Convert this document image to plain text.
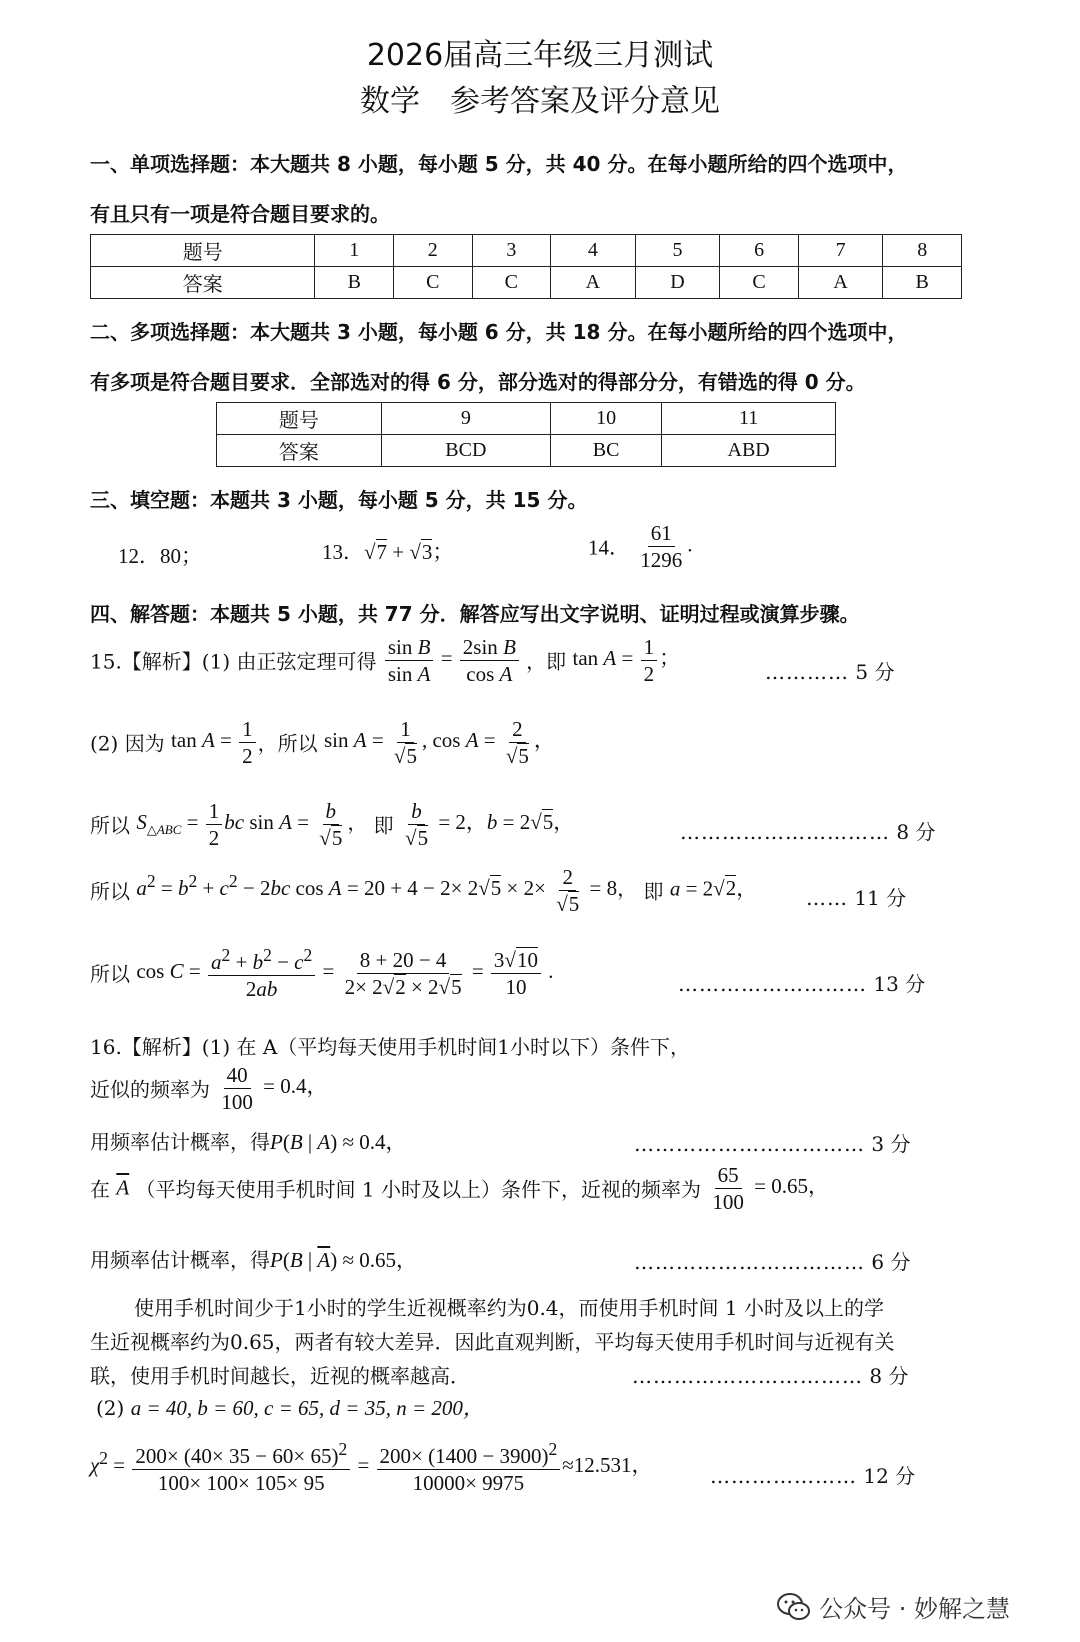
2026届高三年级三月测试
数学　参考答案及评分意见
一、单项选择题：本大题共 8 小题，每小题 5 分，共 40 分。在每小题所给的四个选项中，
有且只有一项是符合题目要求的。
题号	1	2	3	4	5	6	7	8
答案	B	C	C	A	D	C	A	B
二、多项选择题：本大题共 3 小题，每小题 6 分，共 18 分。在每小题所给的四个选项中，
有多项是符合题目要求．全部选对的得 6 分，部分选对的得部分分，有错选的得 0 分。
题号	9	10	11
答案	BCD	BC	ABD
三、填空题：本题共 3 小题，每小题 5 分，共 15 分。
12．80；	13．√7 + √3；	14． $\frac{61}{1296}$ .
四、解答题：本题共 5 小题，共 77 分．解答应写出文字说明、证明过程或演算步骤。
15.【解析】(1) 由正弦定理可得 $\frac{\text{sin B}}{\text{sin A}} = \frac{\text{2sin B}}{\text{cos A}}$ ，即 $\tan A = \frac{1}{2}$ ；
………… 5 分
(2) 因为 $\tan A = \frac{1}{2}$ ，所以 $\sin A = \frac{1}{√5}$ , $\cos A = \frac{2}{√5}$ ，
所以 $S_{\triangle ABC} = \frac{1}{2}$ bc $\sin A = \frac{b}{√5}$ ， 即 $\frac{b}{√5} = 2$，b = 2√5，	………………………… 8 分
所以 $a^2 = b^2 + c^2 - 2bc$ $\cos A = 20 + 4 - 2\times 2√5 \times 2\times \frac{2}{√5} = 8$， 即 a = 2√2， …… 11 分
所以 $\cos C = \frac{a^2 + b^2 - c^2}{2ab} = \frac{8 + 20 - 4}{2\times 2√2 \times 2√5} = \frac{3√10}{10}$ .
……………………… 13 分
16.【解析】(1) 在 A（平均每天使用手机时间1小时以下）条件下，
近似的频率为 $\frac{40}{100} = 0.4$，
用频率估计概率，得P(B | A) ≈ 0.4，	…………………………… 3 分
在 $\overline{A}$ （平均每天使用手机时间 1 小时及以上）条件下，近视的频率为 $\frac{65}{100} = 0.65$，
用频率估计概率，得P(B | $\overline{A}) \approx 0.65$，	…………………………… 6 分
使用手机时间少于1小时的学生近视概率约为0.4，而使用手机时间 1 小时及以上的学
生近视概率约为0.65，两者有较大差异．因此直观判断，平均每天使用手机时间与近视有关
联，使用手机时间越长，近视的概率越高．	…………………………… 8 分
(2) a = 40, b = 60, c = 65, d = 35, n = 200，
$\chi^2 = \frac{200\times (40\times 35 - 60\times 65)^2}{100\times 100\times 105\times 95} = \frac{200\times (1400 - 3900)^2}{10000\times 9975} \approx 12.531$，	………………… 12 分
公众号 · 妙解之慧
